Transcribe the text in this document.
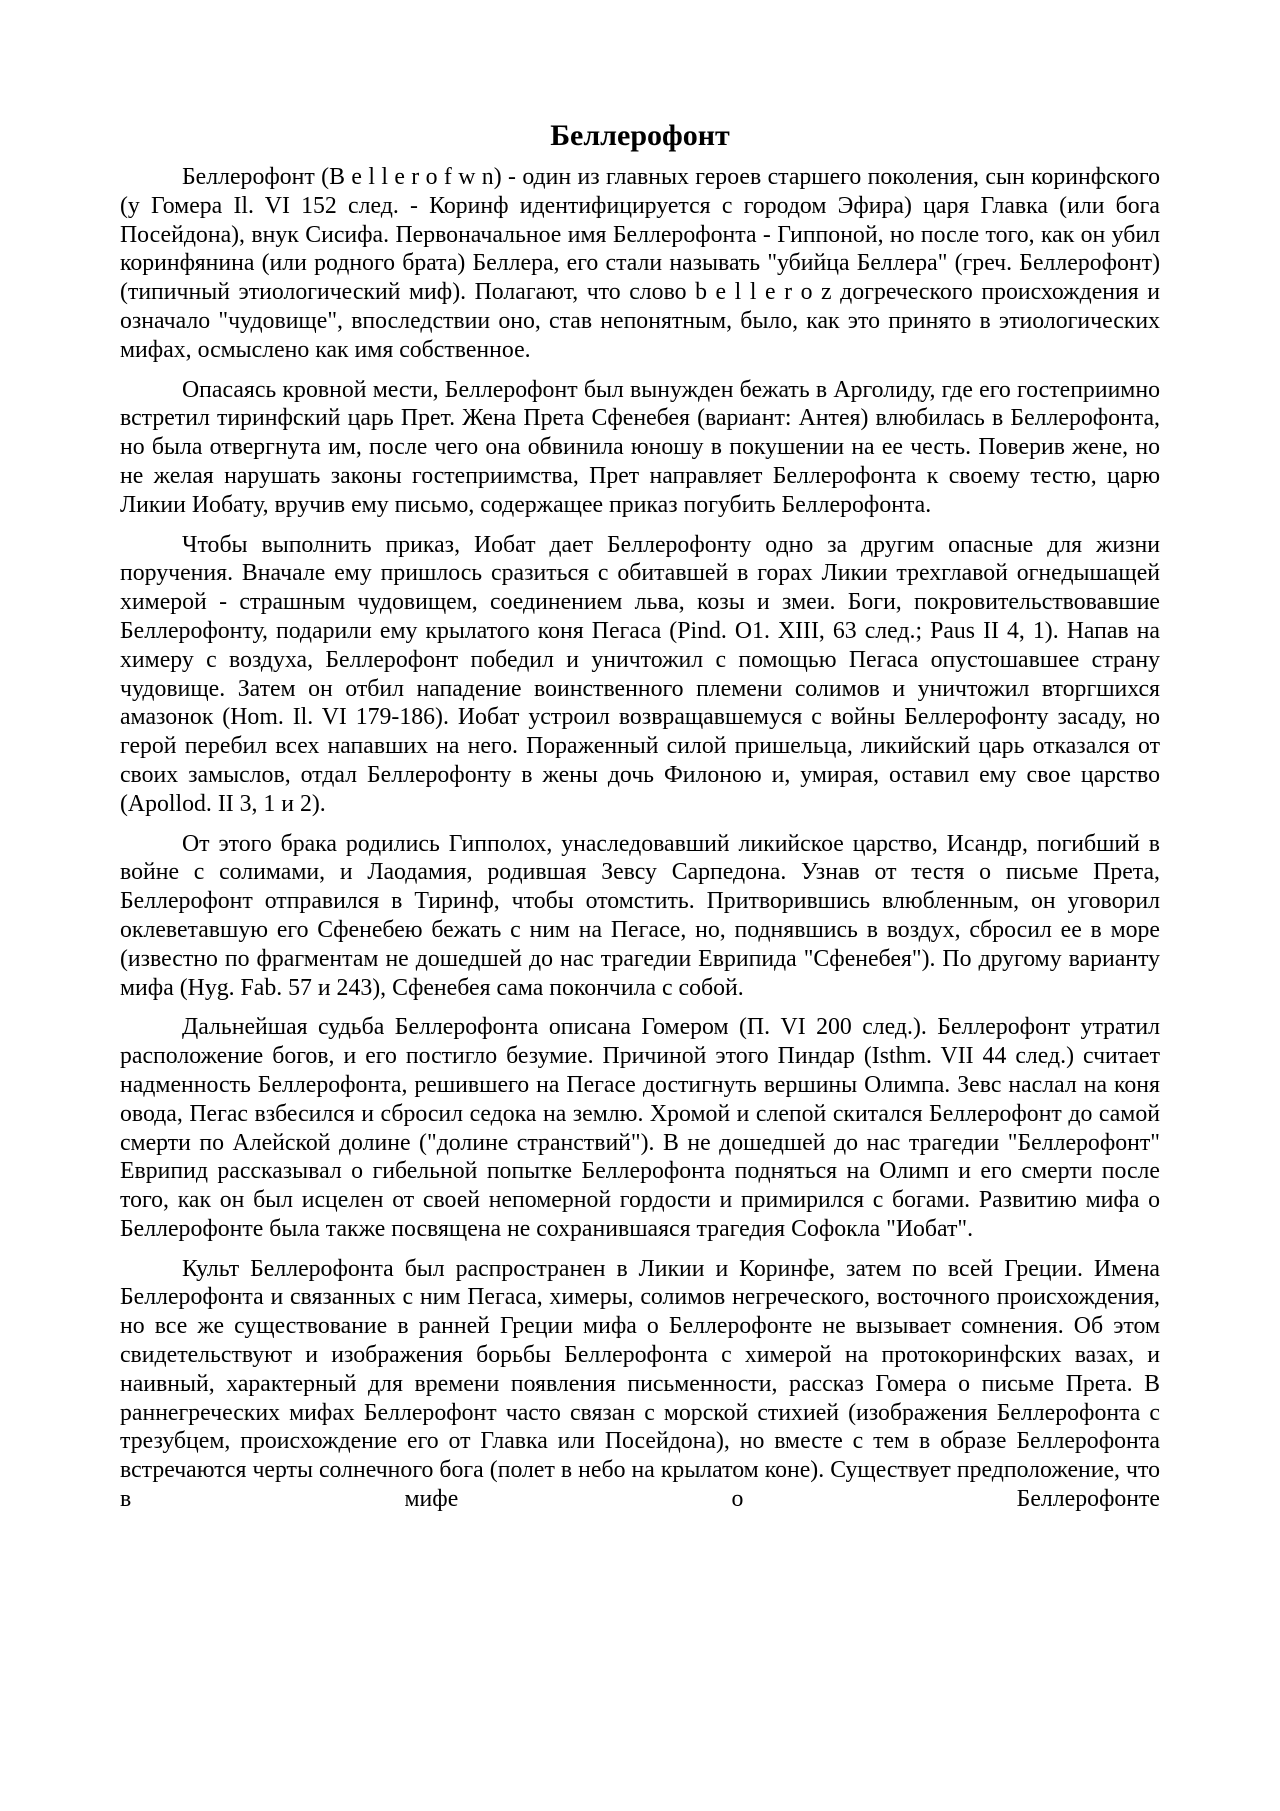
Беллерофонт

Беллерофонт (B e l l e r o f w n) - один из главных героев старшего поколения, сын коринфского (у Гомера Il. VI 152 след. - Коринф идентифицируется с городом Эфира) царя Главка (или бога Посейдона), внук Сисифа. Первоначальное имя Беллерофонта - Гиппоной, но после того, как он убил коринфянина (или родного брата) Беллера, его стали называть "убийца Беллера" (греч. Беллерофонт) (типичный этиологический миф). Полагают, что слово b e l l e r o z догреческого происхождения и означало "чудовище", впоследствии оно, став непонятным, было, как это принято в этиологических мифах, осмыслено как имя собственное.

Опасаясь кровной мести, Беллерофонт был вынужден бежать в Арголиду, где его гостеприимно встретил тиринфский царь Прет. Жена Прета Сфенебея (вариант: Антея) влюбилась в Беллерофонта, но была отвергнута им, после чего она обвинила юношу в покушении на ее честь. Поверив жене, но не желая нарушать законы гостеприимства, Прет направляет Беллерофонта к своему тестю, царю Ликии Иобату, вручив ему письмо, содержащее приказ погубить Беллерофонта.

Чтобы выполнить приказ, Иобат дает Беллерофонту одно за другим опасные для жизни поручения. Вначале ему пришлось сразиться с обитавшей в горах Ликии трехглавой огнедышащей химерой - страшным чудовищем, соединением льва, козы и змеи. Боги, покровительствовавшие Беллерофонту, подарили ему крылатого коня Пегаса (Pind. O1. XIII, 63 след.; Paus II 4, 1). Напав на химеру с воздуха, Беллерофонт победил и уничтожил с помощью Пегаса опустошавшее страну чудовище. Затем он отбил нападение воинственного племени солимов и уничтожил вторгшихся амазонок (Hom. Il. VI 179-186). Иобат устроил возвращавшемуся с войны Беллерофонту засаду, но герой перебил всех напавших на него. Пораженный силой пришельца, ликийский царь отказался от своих замыслов, отдал Беллерофонту в жены дочь Филоною и, умирая, оставил ему свое царство (Apollod. II 3, 1 и 2).

От этого брака родились Гипполох, унаследовавший ликийское царство, Исандр, погибший в войне с солимами, и Лаодамия, родившая Зевсу Сарпедона. Узнав от тестя о письме Прета, Беллерофонт отправился в Тиринф, чтобы отомстить. Притворившись влюбленным, он уговорил оклеветавшую его Сфенебею бежать с ним на Пегасе, но, поднявшись в воздух, сбросил ее в море (известно по фрагментам не дошедшей до нас трагедии Еврипида "Сфенебея"). По другому варианту мифа (Hyg. Fab. 57 и 243), Сфенебея сама покончила с собой.

Дальнейшая судьба Беллерофонта описана Гомером (П. VI 200 след.). Беллерофонт утратил расположение богов, и его постигло безумие. Причиной этого Пиндар (Isthm. VII 44 след.) считает надменность Беллерофонта, решившего на Пегасе достигнуть вершины Олимпа. Зевс наслал на коня овода, Пегас взбесился и сбросил седока на землю. Хромой и слепой скитался Беллерофонт до самой смерти по Алейской долине ("долине странствий"). В не дошедшей до нас трагедии "Беллерофонт" Еврипид рассказывал о гибельной попытке Беллерофонта подняться на Олимп и его смерти после того, как он был исцелен от своей непомерной гордости и примирился с богами. Развитию мифа о Беллерофонте была также посвящена не сохранившаяся трагедия Софокла "Иобат".

Культ Беллерофонта был распространен в Ликии и Коринфе, затем по всей Греции. Имена Беллерофонта и связанных с ним Пегаса, химеры, солимов негреческого, восточного происхождения, но все же существование в ранней Греции мифа о Беллерофонте не вызывает сомнения. Об этом свидетельствуют и изображения борьбы Беллерофонта с химерой на протокоринфских вазах, и наивный, характерный для времени появления письменности, рассказ Гомера о письме Прета. В раннегреческих мифах Беллерофонт часто связан с морской стихией (изображения Беллерофонта с трезубцем, происхождение его от Главка или Посейдона), но вместе с тем в образе Беллерофонта встречаются черты солнечного бога (полет в небо на крылатом коне). Существует предположение, что в мифе о Беллерофонте
